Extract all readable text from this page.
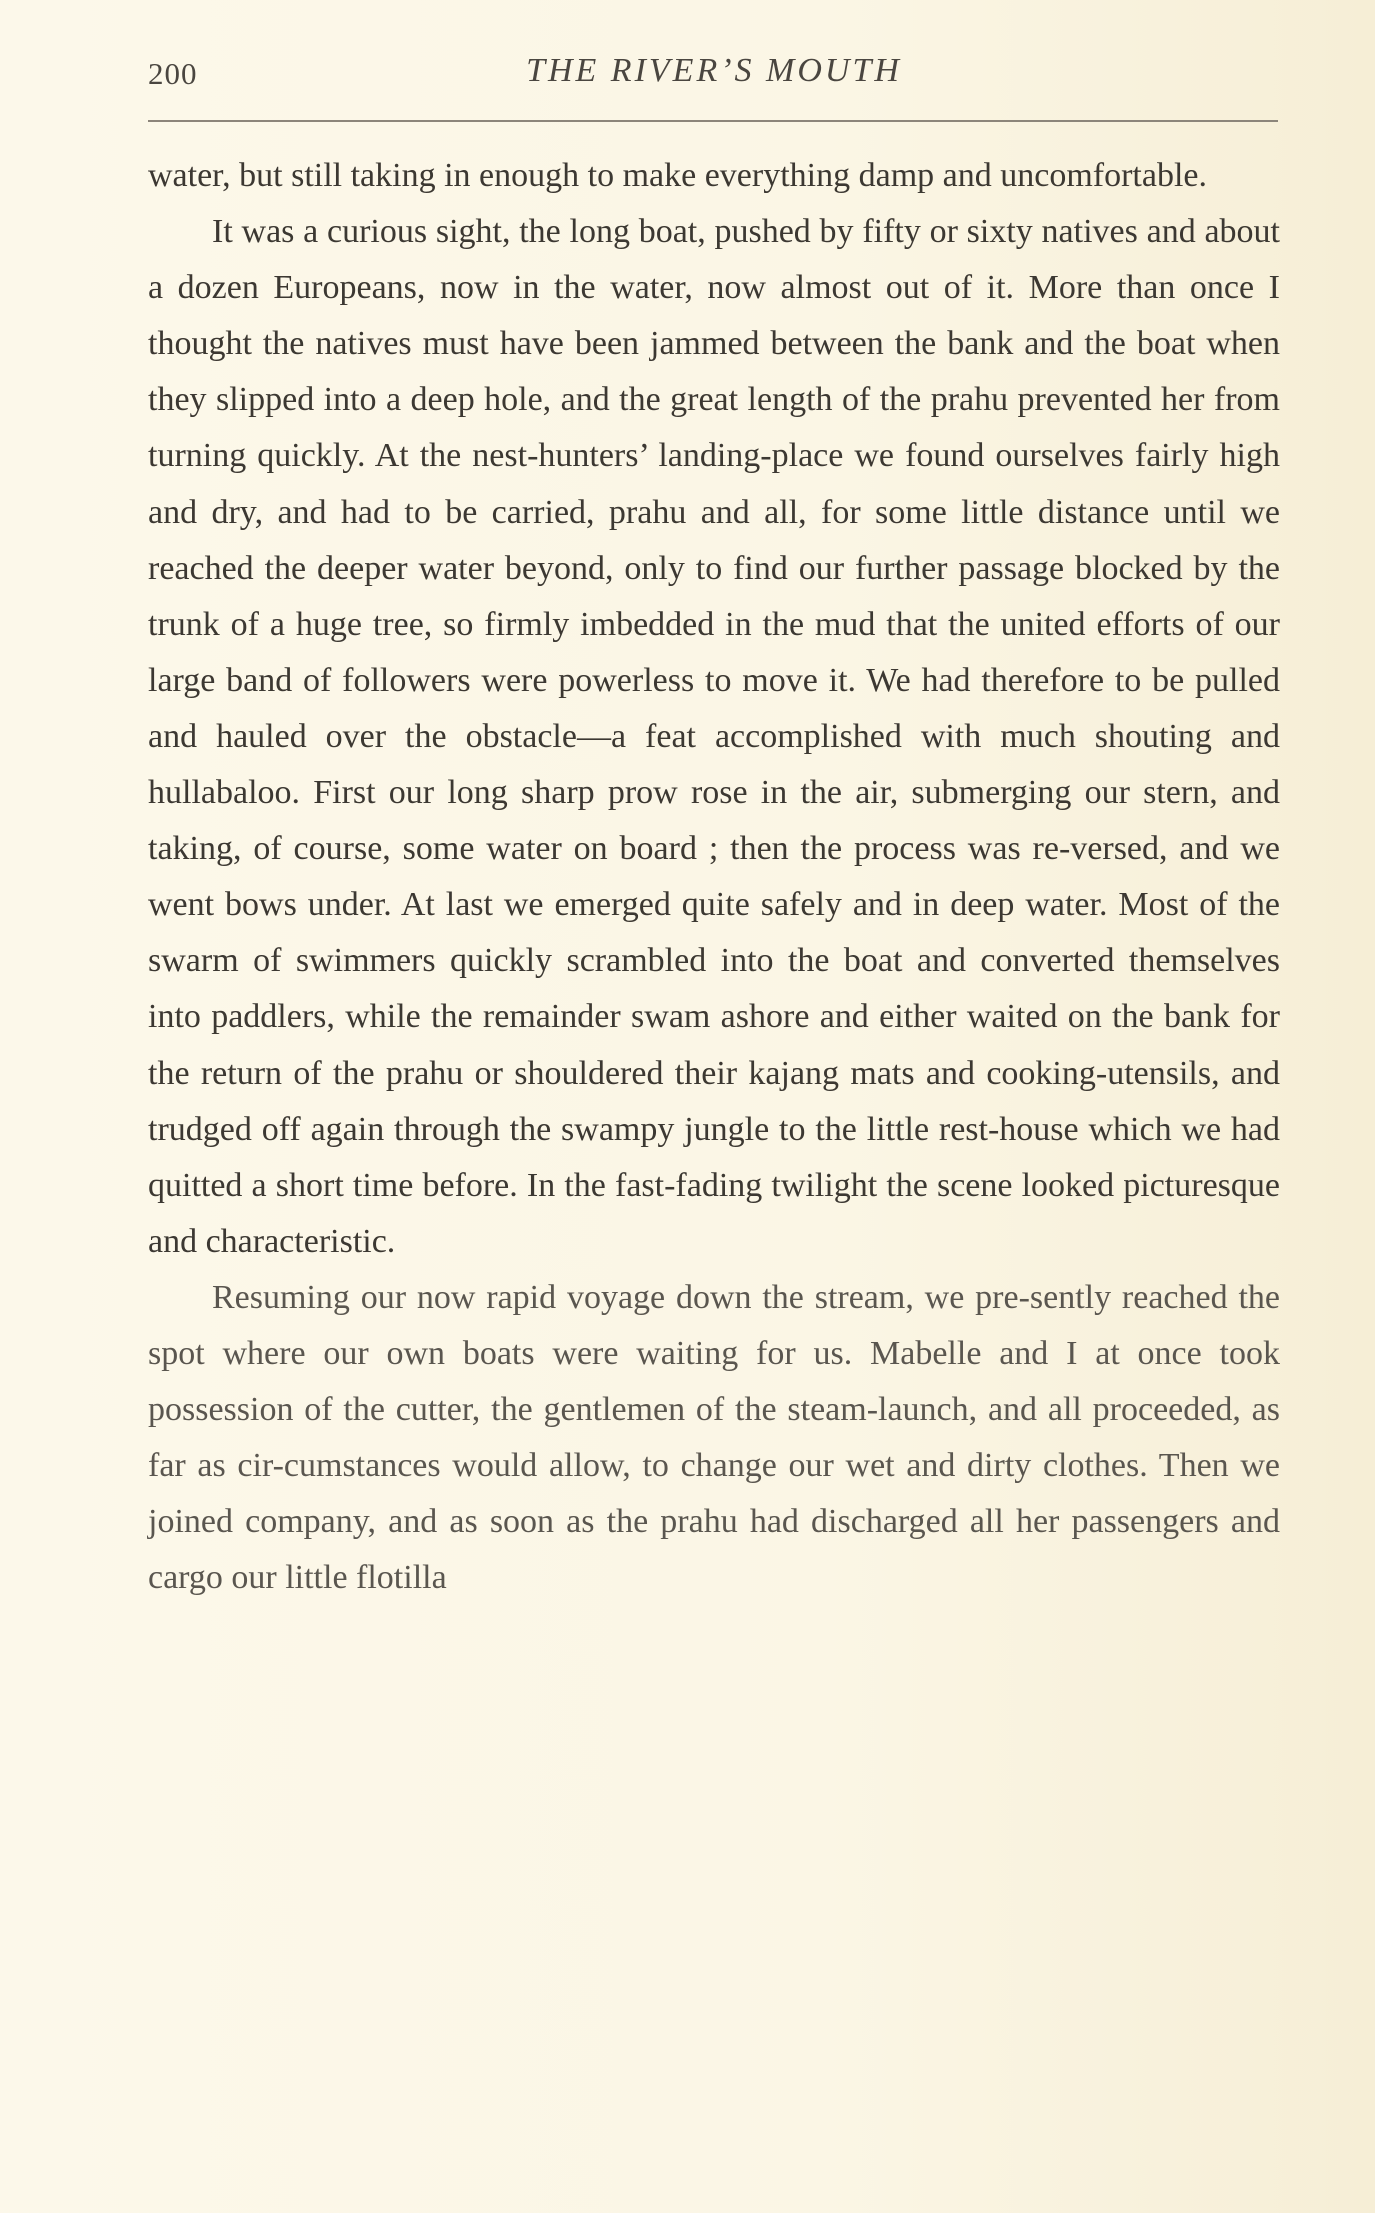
200	THE RIVER’S MOUTH

water, but still taking in enough to make everything damp and uncomfortable.

It was a curious sight, the long boat, pushed by fifty or sixty natives and about a dozen Europeans, now in the water, now almost out of it. More than once I thought the natives must have been jammed between the bank and the boat when they slipped into a deep hole, and the great length of the prahu prevented her from turning quickly. At the nest-hunters’ landing-place we found ourselves fairly high and dry, and had to be carried, prahu and all, for some little distance until we reached the deeper water beyond, only to find our further passage blocked by the trunk of a huge tree, so firmly imbedded in the mud that the united efforts of our large band of followers were powerless to move it. We had therefore to be pulled and hauled over the obstacle—a feat accomplished with much shouting and hullabaloo. First our long sharp prow rose in the air, submerging our stern, and taking, of course, some water on board ; then the process was re-versed, and we went bows under. At last we emerged quite safely and in deep water. Most of the swarm of swimmers quickly scrambled into the boat and converted themselves into paddlers, while the remainder swam ashore and either waited on the bank for the return of the prahu or shouldered their kajang mats and cooking-utensils, and trudged off again through the swampy jungle to the little rest-house which we had quitted a short time before. In the fast-fading twilight the scene looked picturesque and characteristic.

Resuming our now rapid voyage down the stream, we pre-sently reached the spot where our own boats were waiting for us. Mabelle and I at once took possession of the cutter, the gentlemen of the steam-launch, and all proceeded, as far as cir-cumstances would allow, to change our wet and dirty clothes. Then we joined company, and as soon as the prahu had discharged all her passengers and cargo our little flotilla
